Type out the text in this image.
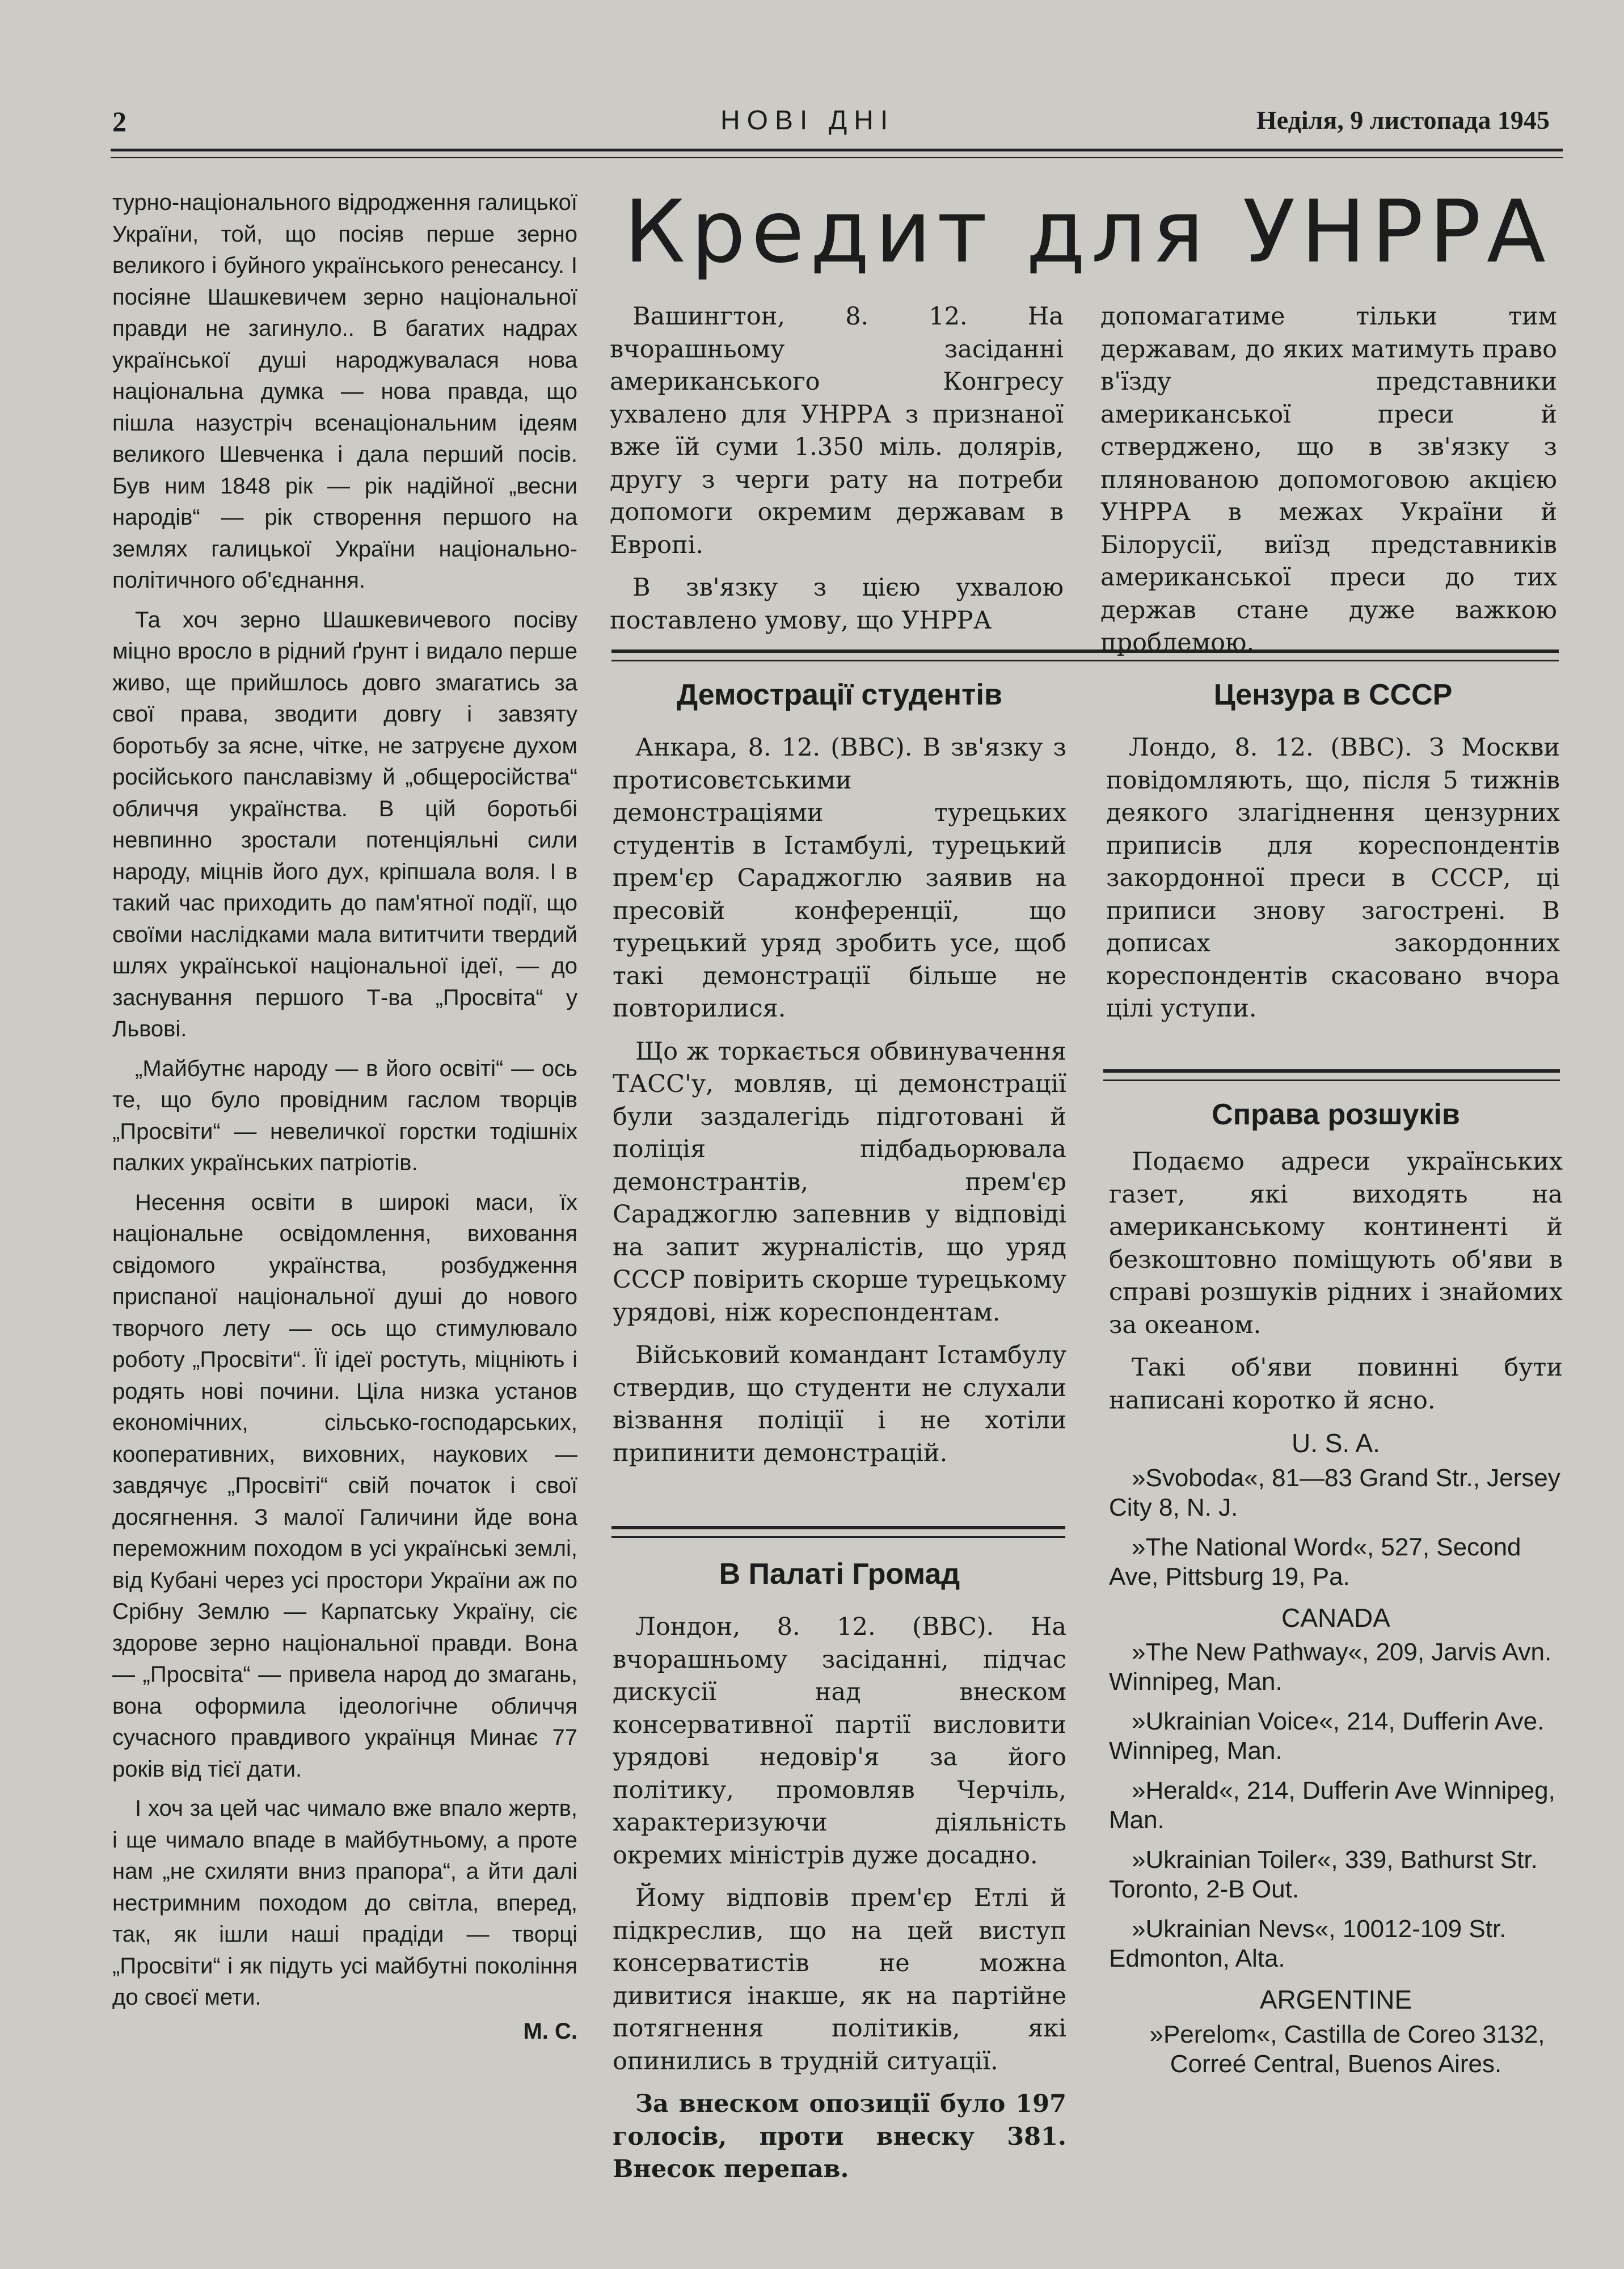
2	НОВІ ДНІ	Неділя, 9 листопада 1945

турно-національного відродження галицької України, той, що посіяв перше зерно великого і буйного українського ренесансу. І посіяне Шашкевичем зерно національної правди не загинуло.. В багатих надрах української душі народжувалася нова національна думка — нова правда, що пішла назустріч всенаціональним ідеям великого Шевченка і дала перший посів. Був ним 1848 рік — рік надійної „весни народів“ — рік створення першого на землях галицької України національно-політичного об'єднання.

Та хоч зерно Шашкевичевого посіву міцно вросло в рідний ґрунт і видало перше живо, ще прийшлось довго змагатись за свої права, зводити довгу і завзяту боротьбу за ясне, чітке, не затруєне духом російського панславізму й „общеросійства“ обличчя українства. В цій боротьбі невпинно зростали потенціяльні сили народу, міцнів його дух, кріпшала воля. І в такий час приходить до пам'ятної події, що своїми наслідками мала вититчити твердий шлях української національної ідеї, — до заснування першого Т-ва „Просвіта“ у Львові.

„Майбутнє народу — в його освіті“ — ось те, що було провідним гаслом творців „Просвіти“ — невеличкої горстки тодішніх палких українських патріотів.

Несення освіти в широкі маси, їх національне освідомлення, виховання свідомого українства, розбудження приспаної національної душі до нового творчого лету — ось що стимулювало роботу „Просвіти“. Її ідеї ростуть, міцніють і родять нові почини. Ціла низка установ економічних, сільсько-господарських, кооперативних, виховних, наукових — завдячує „Просвіті“ свій початок і свої досягнення. З малої Галичини йде вона переможним походом в усі українські землі, від Кубані через усі простори України аж по Срібну Землю — Карпатську Україну, сіє здорове зерно національної правди. Вона — „Просвіта“ — привела народ до змагань, вона оформила ідеологічне обличчя сучасного правдивого українця Минає 77 років від тієї дати.

І хоч за цей час чимало вже впало жертв, і ще чимало впаде в майбутньому, а проте нам „не схиляти вниз прапора“, а йти далі нестримним походом до світла, вперед, так, як ішли наші прадіди — творці „Просвіти“ і як підуть усі майбутні покоління до своєї мети.

М. С.
Кредит для УНРРА

Вашингтон, 8. 12. На вчорашньому засіданні американського Конгресу ухвалено для УНРРА з признаної вже їй суми 1.350 міль. долярів, другу з черги рату на потреби допомоги окремим державам в Европі.

В зв'язку з цією ухвалою поставлено умову, що УНРРА

допомагатиме тільки тим державам, до яких матимуть право в'їзду представники американської преси й стверджено, що в зв'язку з плянованою допомоговою акцією УНРРА в межах України й Білорусії, виїзд представників американської преси до тих держав стане дуже важкою проблемою.

Демострації студентів

Анкара, 8. 12. (BBC). В зв'язку з протисовєтськими демонстраціями турецьких студентів в Істамбулі, турецький прем'єр Сараджоглю заявив на пресовій конференції, що турецький уряд зробить усе, щоб такі демонстрації більше не повторилися.

Що ж торкається обвинувачення ТАСС'у, мовляв, ці демонстрації були заздалегідь підготовані й поліція підбадьорювала демонстрантів, прем'єр Сараджоглю запевнив у відповіді на запит журналістів, що уряд СССР повірить скорше турецькому урядові, ніж кореспондентам.

Військовий командант Істамбулу ствердив, що студенти не слухали візвання поліції і не хотіли припинити демонстрацій.

Цензура в СССР

Лондо, 8. 12. (BBC). З Москви повідомляють, що, після 5 тижнів деякого злагіднення цензурних приписів для кореспондентів закордонної преси в СССР, ці приписи знову загострені. В дописах закордонних кореспондентів скасовано вчора цілі уступи.

Справа розшуків

Подаємо адреси українських газет, які виходять на американському континенті й безкоштовно поміщують об'яви в справі розшуків рідних і знайомих за океаном.

Такі об'яви повинні бути написані коротко й ясно.

U. S. A.

»Svoboda«, 81—83 Grand Str., Jersey City 8, N. J.

»The National Word«, 527, Second Ave, Pittsburg 19, Pa.

CANADA

»The New Pathway«, 209, Jarvis Avn. Winnipeg, Man.

»Ukrainian Voice«, 214, Dufferin Ave. Winnipeg, Man.

»Herald«, 214, Dufferin Ave Winnipeg, Man.

»Ukrainian Toiler«, 339, Bathurst Str. Toronto, 2-B Out.

»Ukrainian Nevs«, 10012-109 Str. Edmonton, Alta.

ARGENTINE

»Perelom«, Castilla de Coreo 3132, Correé Central, Buenos Aires.

В Палаті Громад

Лондон, 8. 12. (BBC). На вчорашньому засіданні, підчас дискусії над внеском консервативної партії висловити урядові недовір'я за його політику, промовляв Черчіль, характеризуючи діяльність окремих міністрів дуже досадно.

Йому відповів прем'єр Етлі й підкреслив, що на цей виступ консерватистів не можна дивитися інакше, як на партійне потягнення політиків, які опинились в трудній ситуації.

За внеском опозиції було 197 голосів, проти внеску 381. Внесок перепав.
